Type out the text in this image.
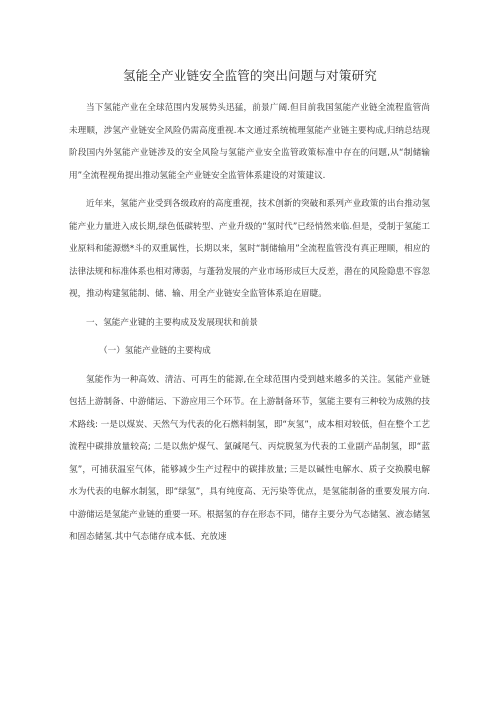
氢能全产业链安全监管的突出问题与对策研究

当下氢能产业在全球范围内发展势头迅猛，前景广阔.但目前我国氢能产业链全流程监管尚未理顺，涉氢产业链安全风险仍需高度重视.本文通过系统梳理氢能产业链主要构成,归纳总结现阶段国内外氢能产业链涉及的安全风险与氢能产业安全监管政策标准中存在的问题,从“制储输用”全流程视角提出推动氢能全产业链安全监管体系建设的对策建议.

近年来，氢能产业受到各级政府的高度重视，技术创新的突破和系列产业政策的出台推动氢能产业力量进入成长期,绿色低碳转型、产业升级的“氢时代”已经悄然来临.但是，受制于氢能工业原料和能源燃*斗的双重属性，长期以来，氢时“制储输用”全流程监管没有真正理顺，相应的法律法规和标准体系也相对薄弱，与蓬勃发展的产业市场形成巨大反差，潜在的风险隐患不容忽视，推动构建氢能制、储、输、用全产业链安全监管体系迫在眉睫。

一、氢能产业键的主要构成及发展现状和前景

（一）氢能产业链的主要构成

氢能作为一种高效、清洁、可再生的能源,在全球范围内受到越来越多的关注。氢能产业链包括上游制备、中游储运、下游应用三个环节。在上游制备环节，氢能主要有三种较为成熟的技术路线: 一是以煤炭、天然气为代表的化石燃料制氢，即“灰氢”，成本相对较低，但在整个工艺流程中碳排放量较高; 二是以焦炉煤气、氯碱尾气、丙烷脱氢为代表的工业副产品制氢，即“蓝氢”，可捕获温室气体，能够减少生产过程中的碳排放量; 三是以碱性电解水、质子交换膜电解水为代表的电解水制氢，即“绿氢”，具有纯度高、无污染等优点，是氢能制备的重要发展方向.中游储运是氢能产业链的重要一环。根据氢的存在形态不同，储存主要分为气态储氢、液态储氢和固态储氢.其中气态储存成本低、充放速
